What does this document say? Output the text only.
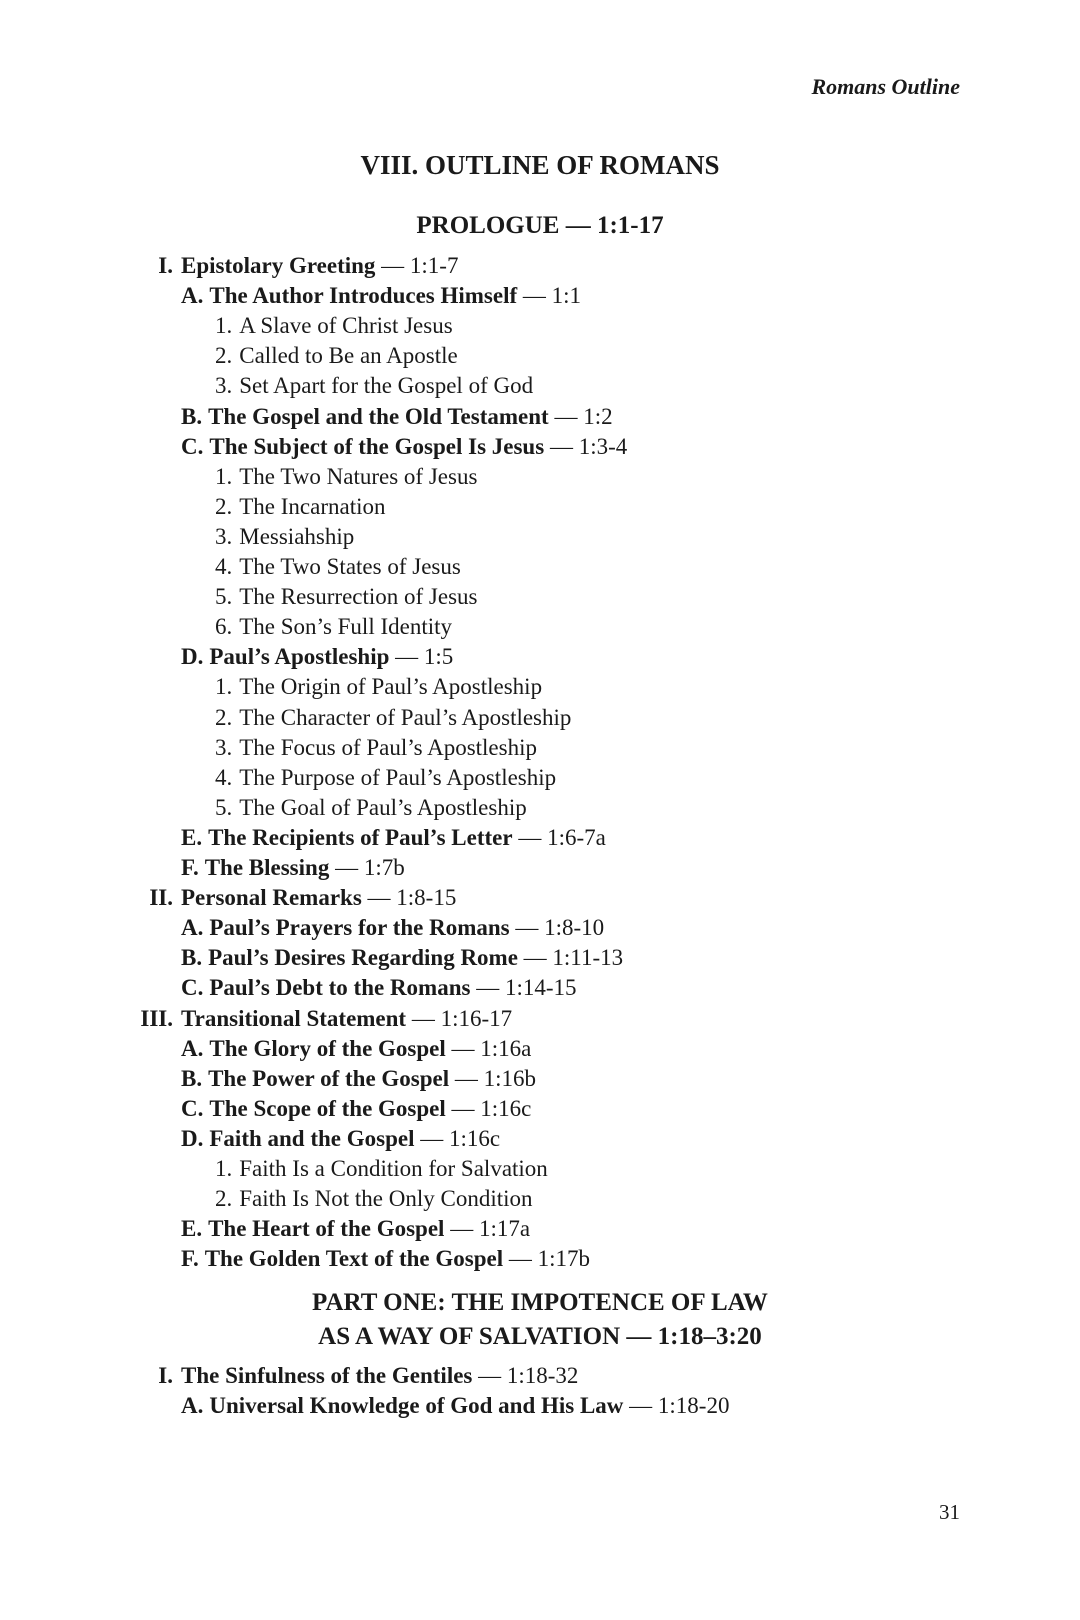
Romans Outline
VIII. OUTLINE OF ROMANS
PROLOGUE — 1:1-17
I. Epistolary Greeting — 1:1-7
A. The Author Introduces Himself — 1:1
1. A Slave of Christ Jesus
2. Called to Be an Apostle
3. Set Apart for the Gospel of God
B. The Gospel and the Old Testament — 1:2
C. The Subject of the Gospel Is Jesus — 1:3-4
1. The Two Natures of Jesus
2. The Incarnation
3. Messiahship
4. The Two States of Jesus
5. The Resurrection of Jesus
6. The Son’s Full Identity
D. Paul’s Apostleship — 1:5
1. The Origin of Paul’s Apostleship
2. The Character of Paul’s Apostleship
3. The Focus of Paul’s Apostleship
4. The Purpose of Paul’s Apostleship
5. The Goal of Paul’s Apostleship
E. The Recipients of Paul’s Letter — 1:6-7a
F. The Blessing — 1:7b
II. Personal Remarks — 1:8-15
A. Paul’s Prayers for the Romans — 1:8-10
B. Paul’s Desires Regarding Rome — 1:11-13
C. Paul’s Debt to the Romans — 1:14-15
III. Transitional Statement — 1:16-17
A. The Glory of the Gospel — 1:16a
B. The Power of the Gospel — 1:16b
C. The Scope of the Gospel — 1:16c
D. Faith and the Gospel — 1:16c
1. Faith Is a Condition for Salvation
2. Faith Is Not the Only Condition
E. The Heart of the Gospel — 1:17a
F. The Golden Text of the Gospel — 1:17b
PART ONE: THE IMPOTENCE OF LAW
AS A WAY OF SALVATION — 1:18–3:20
I. The Sinfulness of the Gentiles — 1:18-32
A. Universal Knowledge of God and His Law — 1:18-20
31
